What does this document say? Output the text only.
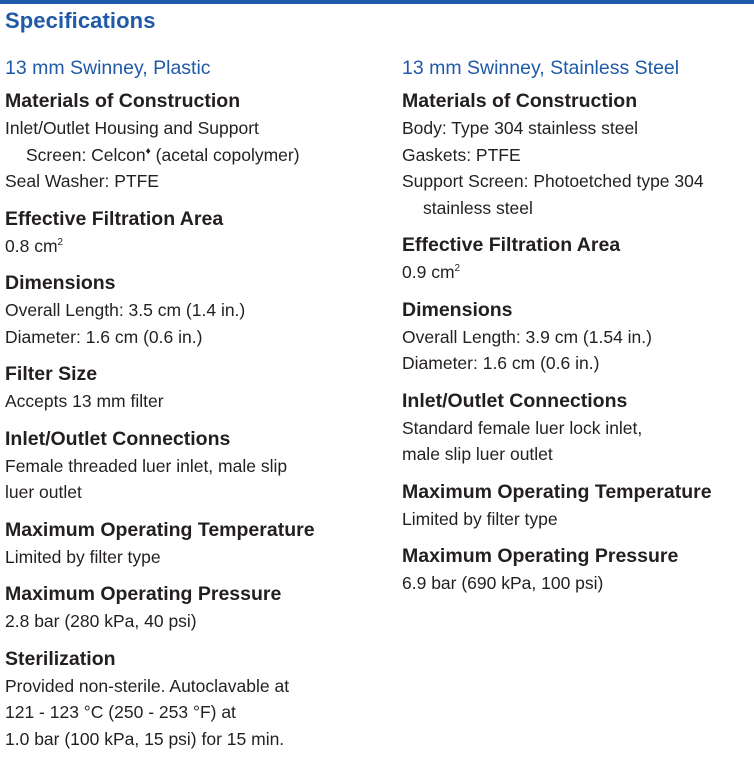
Specifications
13 mm Swinney, Plastic
Materials of Construction
Inlet/Outlet Housing and Support
Screen: Celcon♦ (acetal copolymer)
Seal Washer: PTFE
Effective Filtration Area
0.8 $cm^2$
Dimensions
Overall Length: 3.5 cm (1.4 in.)
Diameter: 1.6 cm (0.6 in.)
Filter Size
Accepts 13 mm filter
Inlet/Outlet Connections
Female threaded luer inlet, male slip
luer outlet
Maximum Operating Temperature
Limited by filter type
Maximum Operating Pressure
2.8 bar (280 kPa, 40 psi)
Sterilization
Provided non-sterile. Autoclavable at
121 - 123 °C (250 - 253 °F) at
1.0 bar (100 kPa, 15 psi) for 15 min.
13 mm Swinney, Stainless Steel
Materials of Construction
Body: Type 304 stainless steel
Gaskets: PTFE
Support Screen: Photoetched type 304
stainless steel
Effective Filtration Area
0.9 $cm^2$
Dimensions
Overall Length: 3.9 cm (1.54 in.)
Diameter: 1.6 cm (0.6 in.)
Inlet/Outlet Connections
Standard female luer lock inlet,
male slip luer outlet
Maximum Operating Temperature
Limited by filter type
Maximum Operating Pressure
6.9 bar (690 kPa, 100 psi)
